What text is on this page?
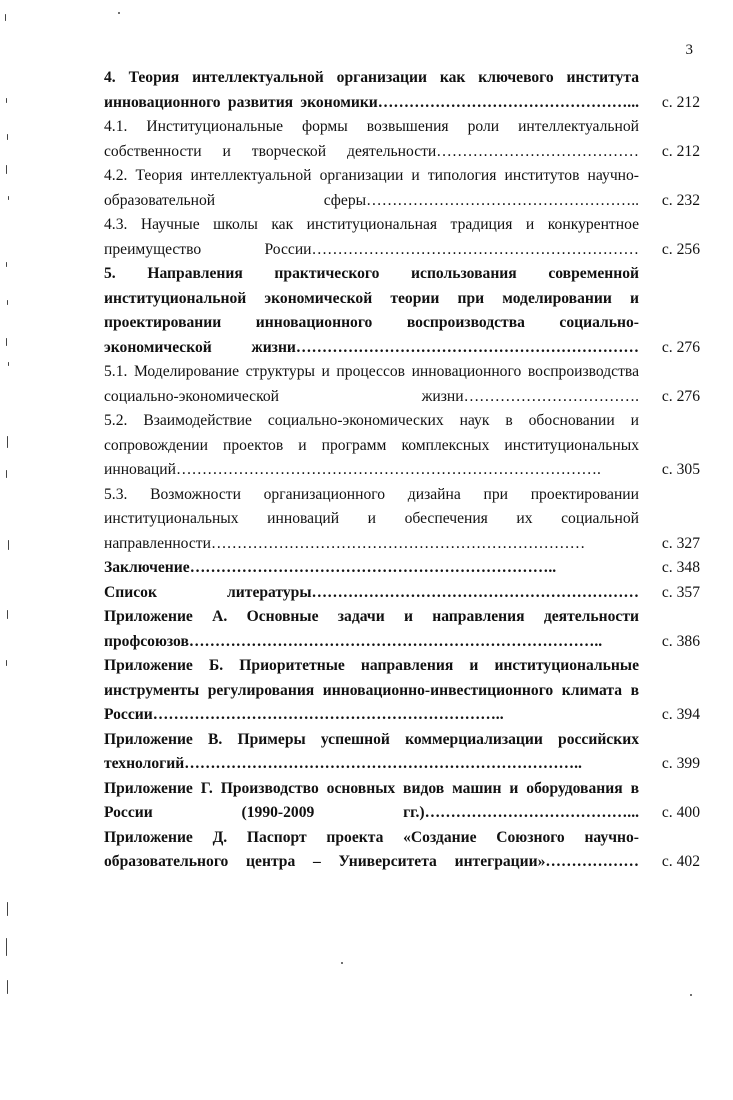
3
4. Теория интеллектуальной организации как ключевого института инновационного развития экономики…………………………………………...	с. 212
4.1. Институциональные формы возвышения роли интеллектуальной собственности и творческой деятельности…………………………………	с. 212
4.2. Теория интеллектуальной организации и типология институтов научно-образовательной сферы……………………………………………..	с. 232
4.3. Научные школы как институциональная традиция и конкурентное преимущество России………………………………………………………	с. 256
5. Направления практического использования современной институциональной экономической теории при моделировании и проектировании инновационного воспроизводства социально-экономической жизни…………………………………………………………	с. 276
5.1. Моделирование структуры и процессов инновационного воспроизводства социально-экономической жизни…………………………….	с. 276
5.2. Взаимодействие социально-экономических наук в обосновании и сопровождении проектов и программ комплексных институциональных инноваций……………………………………………………………………….	с. 305
5.3. Возможности организационного дизайна при проектировании институциональных инноваций и обеспечения их социальной направленности………………………………………………………………	с. 327
Заключение……………………………………………………………..	с. 348
Список литературы………………………………………………………	с. 357
Приложение А. Основные задачи и направления деятельности профсоюзов……………………………………………………………………..	с. 386
Приложение Б. Приоритетные направления и институциональные инструменты регулирования инновационно-инвестиционного климата в России…………………………………………………………..	с. 394
Приложение В. Примеры успешной коммерциализации российских технологий…………………………………………………………………..	с. 399
Приложение Г. Производство основных видов машин и оборудования в России (1990-2009 гг.)…………………………………...	с. 400
Приложение Д. Паспорт проекта «Создание Союзного научно-образовательного центра – Университета интеграции»………………	с. 402
